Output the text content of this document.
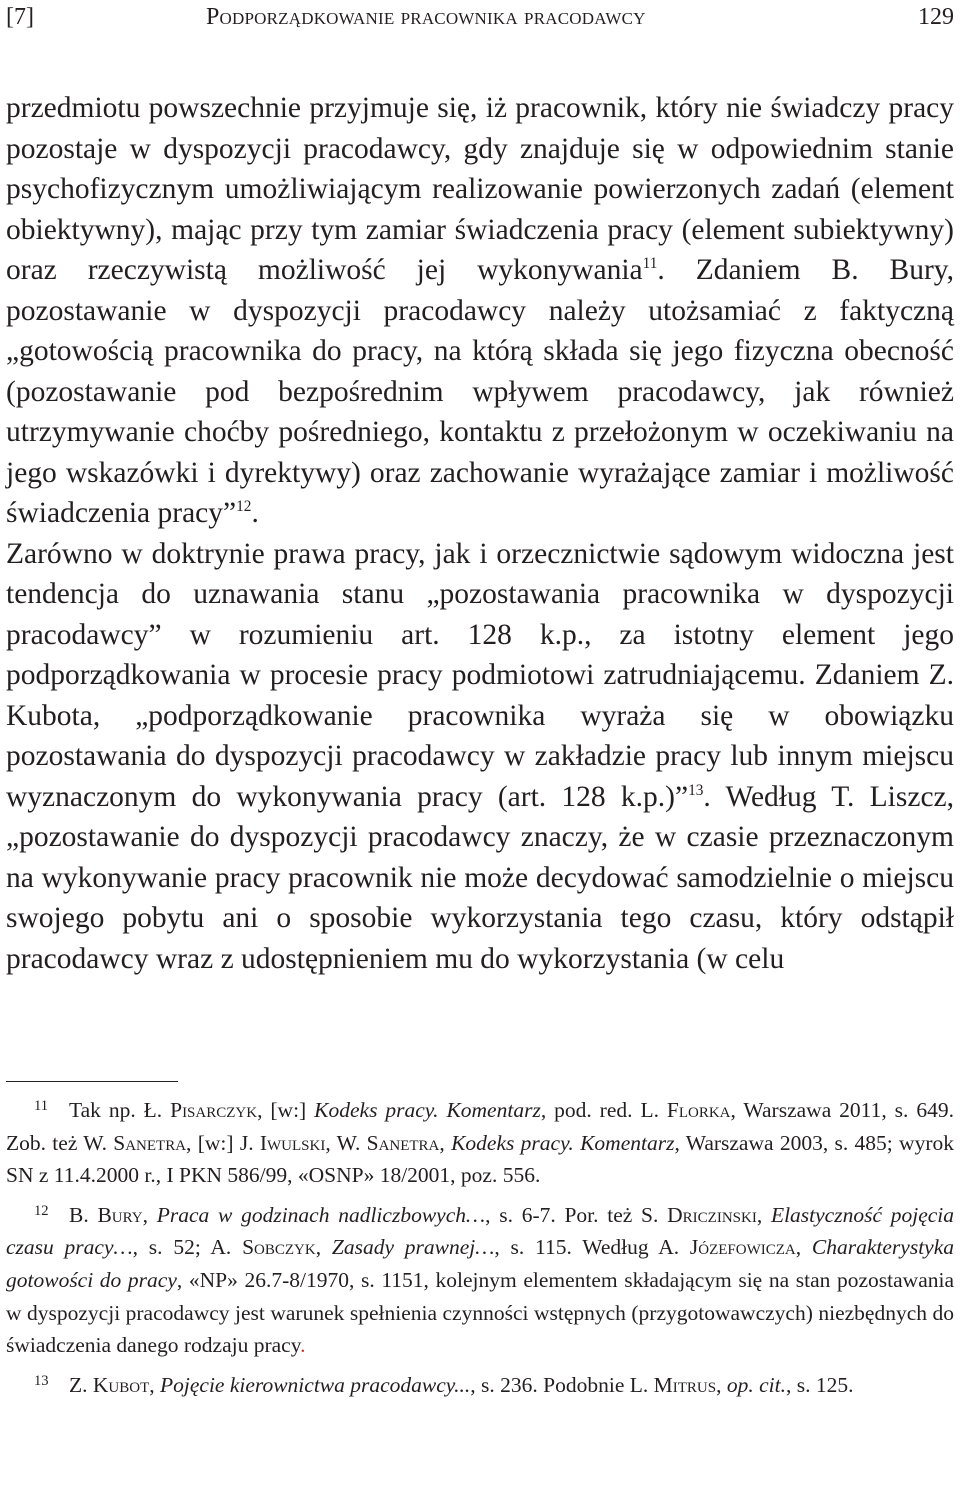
[7]	Podporządkowanie pracownika pracodawcy	129

przedmiotu powszechnie przyjmuje się, iż pracownik, który nie świadczy pracy pozostaje w dyspozycji pracodawcy, gdy znajduje się w odpowiednim stanie psychofizycznym umożliwiającym realizowanie powierzonych zadań (element obiektywny), mając przy tym zamiar świadczenia pracy (element subiektywny) oraz rzeczywistą możliwość jej wykonywania$^{11}$. Zdaniem B. Bury, pozostawanie w dyspozycji pracodawcy należy utożsamiać z faktyczną „gotowością pracownika do pracy, na którą składa się jego fizyczna obecność (pozostawanie pod bezpośrednim wpływem pracodawcy, jak również utrzymywanie choćby pośredniego, kontaktu z przełożonym w oczekiwaniu na jego wskazówki i dyrektywy) oraz zachowanie wyrażające zamiar i możliwość świadczenia pracy”$^{12}$.

Zarówno w doktrynie prawa pracy, jak i orzecznictwie sądowym widoczna jest tendencja do uznawania stanu „pozostawania pracownika w dyspozycji pracodawcy” w rozumieniu art. 128 k.p., za istotny element jego podporządkowania w procesie pracy podmiotowi zatrudniającemu. Zdaniem Z. Kubota, „podporządkowanie pracownika wyraża się w obowiązku pozostawania do dyspozycji pracodawcy w zakładzie pracy lub innym miejscu wyznaczonym do wykonywania pracy (art. 128 k.p.)”$^{13}$. Według T. Liszcz, „pozostawanie do dyspozycji pracodawcy znaczy, że w czasie przeznaczonym na wykonywanie pracy pracownik nie może decydować samodzielnie o miejscu swojego pobytu ani o sposobie wykorzystania tego czasu, który odstąpił pracodawcy wraz z udostępnieniem mu do wykorzystania (w celu

11 Tak np. Ł. Pisarczyk, [w:] Kodeks pracy. Komentarz, pod. red. L. Florka, Warszawa 2011, s. 649. Zob. też W. Sanetra, [w:] J. Iwulski, W. Sanetra, Kodeks pracy. Komentarz, Warszawa 2003, s. 485; wyrok SN z 11.4.2000 r., I PKN 586/99, «OSNP» 18/2001, poz. 556.

12 B. Bury, Praca w godzinach nadliczbowych…, s. 6-7. Por. też S. Driczinski, Elastyczność pojęcia czasu pracy…, s. 52; A. Sobczyk, Zasady prawnej…, s. 115. Według A. Józefowicza, Charakterystyka gotowości do pracy, «NP» 26.7-8/1970, s. 1151, kolejnym elementem składającym się na stan pozostawania w dyspozycji pracodawcy jest warunek spełnienia czynności wstępnych (przygotowawczych) niezbędnych do świadczenia danego rodzaju pracy.

13 Z. Kubot, Pojęcie kierownictwa pracodawcy..., s. 236. Podobnie L. Mitrus, op. cit., s. 125.
